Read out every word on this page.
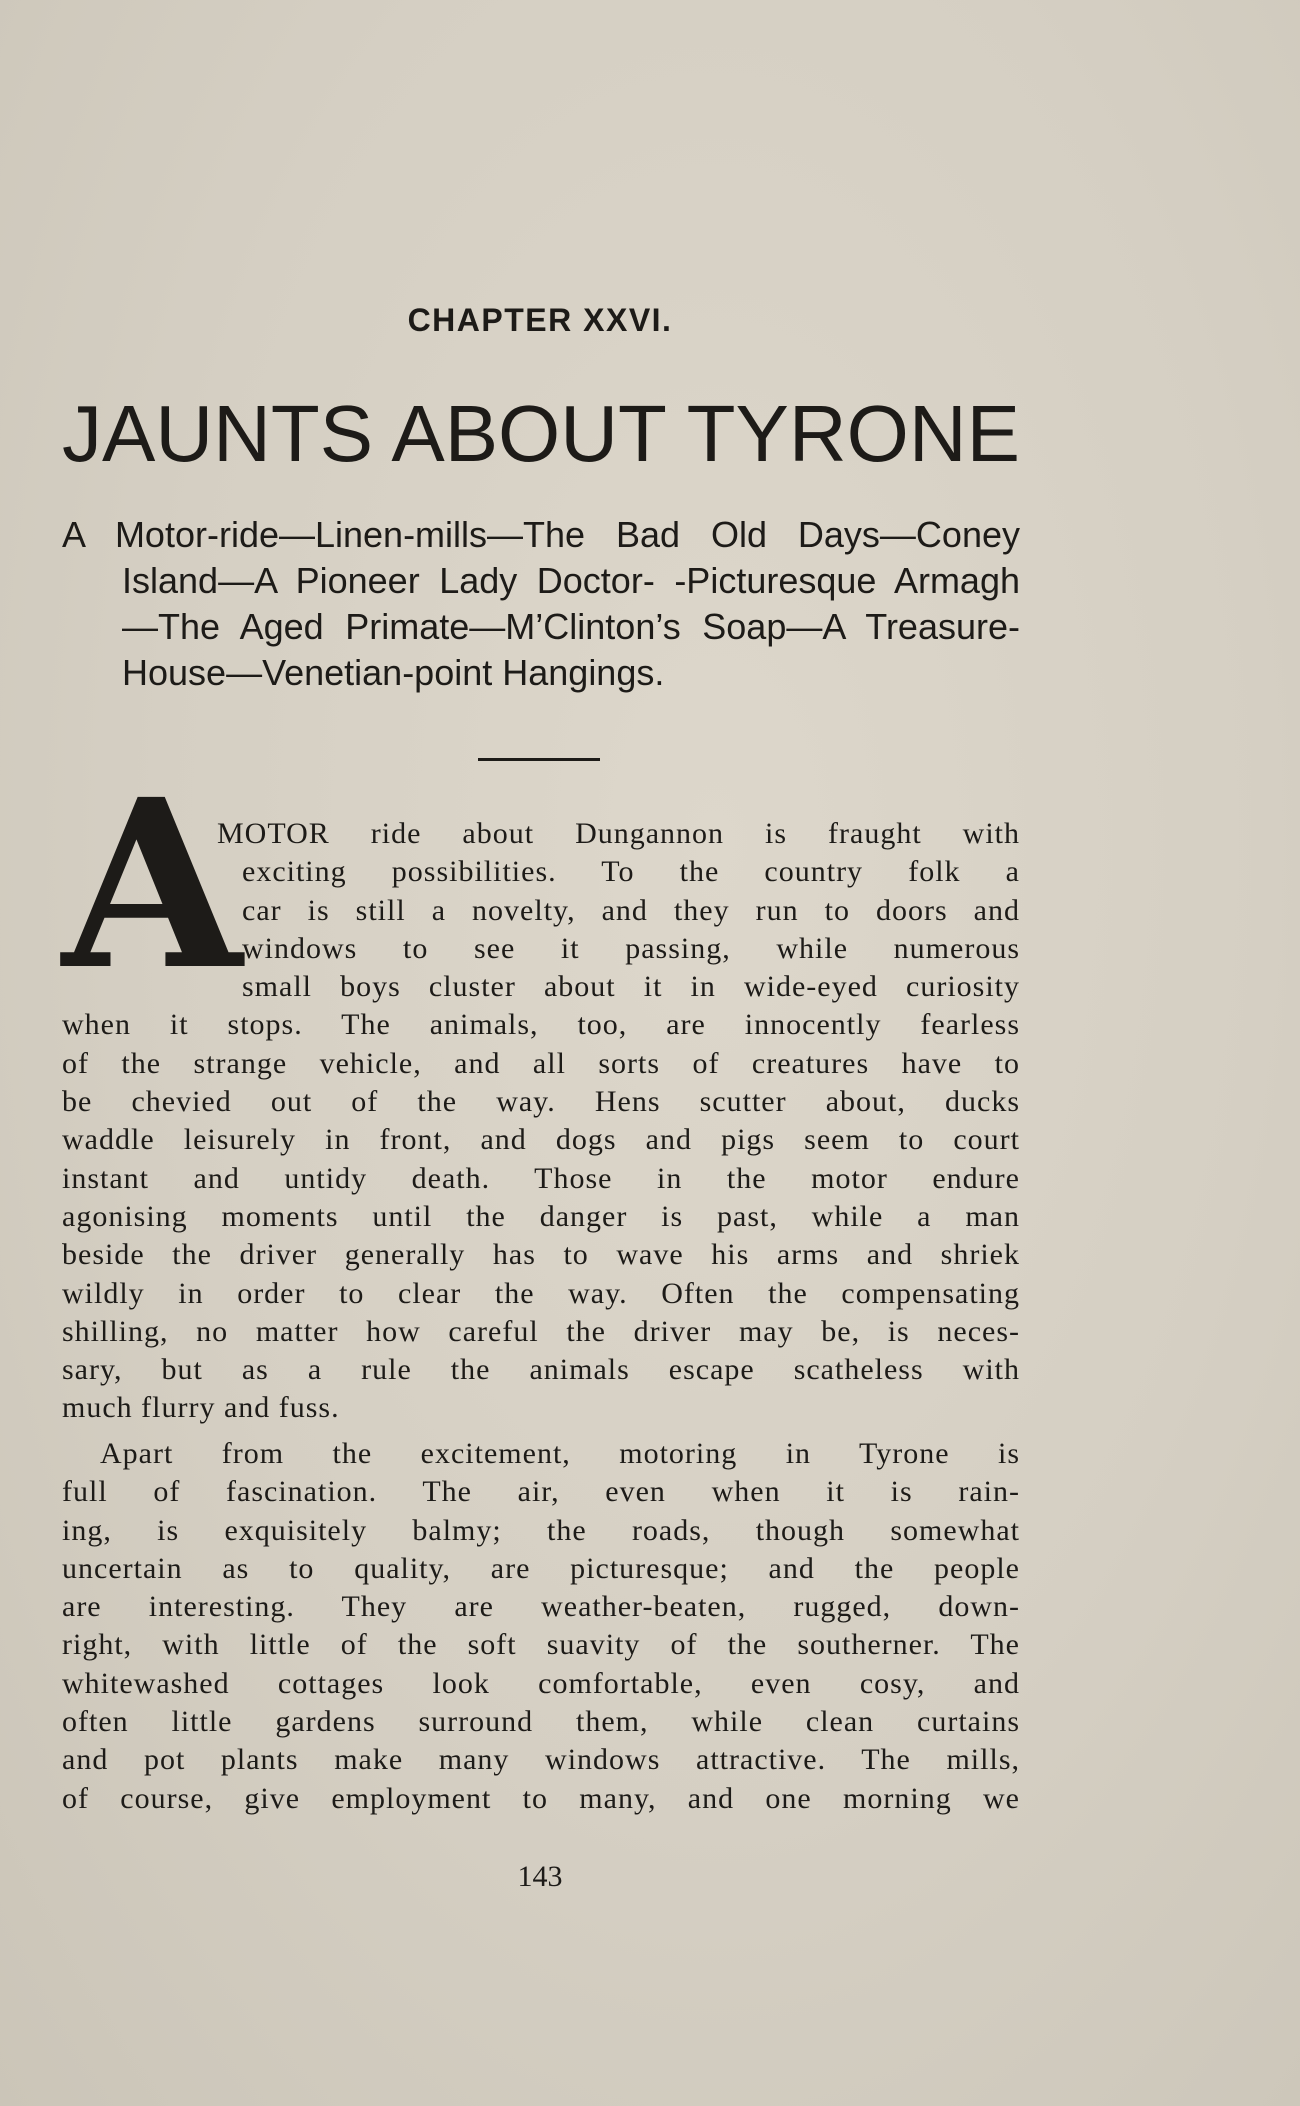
CHAPTER XXVI.
JAUNTS ABOUT TYRONE
A Motor-ride—Linen-mills—The Bad Old Days—Coney
Island—A Pioneer Lady Doctor- -Picturesque Armagh
—The Aged Primate—M’Clinton’s Soap—A Treasure-
House—Venetian-point Hangings.
A
MOTOR ride about Dungannon is fraught with
exciting possibilities. To the country folk a
car is still a novelty, and they run to doors and
windows to see it passing, while numerous
small boys cluster about it in wide-eyed curiosity
when it stops. The animals, too, are innocently fearless
of the strange vehicle, and all sorts of creatures have to
be chevied out of the way. Hens scutter about, ducks
waddle leisurely in front, and dogs and pigs seem to court
instant and untidy death. Those in the motor endure
agonising moments until the danger is past, while a man
beside the driver generally has to wave his arms and shriek
wildly in order to clear the way. Often the compensating
shilling, no matter how careful the driver may be, is neces-
sary, but as a rule the animals escape scatheless with
much flurry and fuss.
Apart from the excitement, motoring in Tyrone is
full of fascination. The air, even when it is rain-
ing, is exquisitely balmy; the roads, though somewhat
uncertain as to quality, are picturesque; and the people
are interesting. They are weather-beaten, rugged, down-
right, with little of the soft suavity of the southerner. The
whitewashed cottages look comfortable, even cosy, and
often little gardens surround them, while clean curtains
and pot plants make many windows attractive. The mills,
of course, give employment to many, and one morning we
143
